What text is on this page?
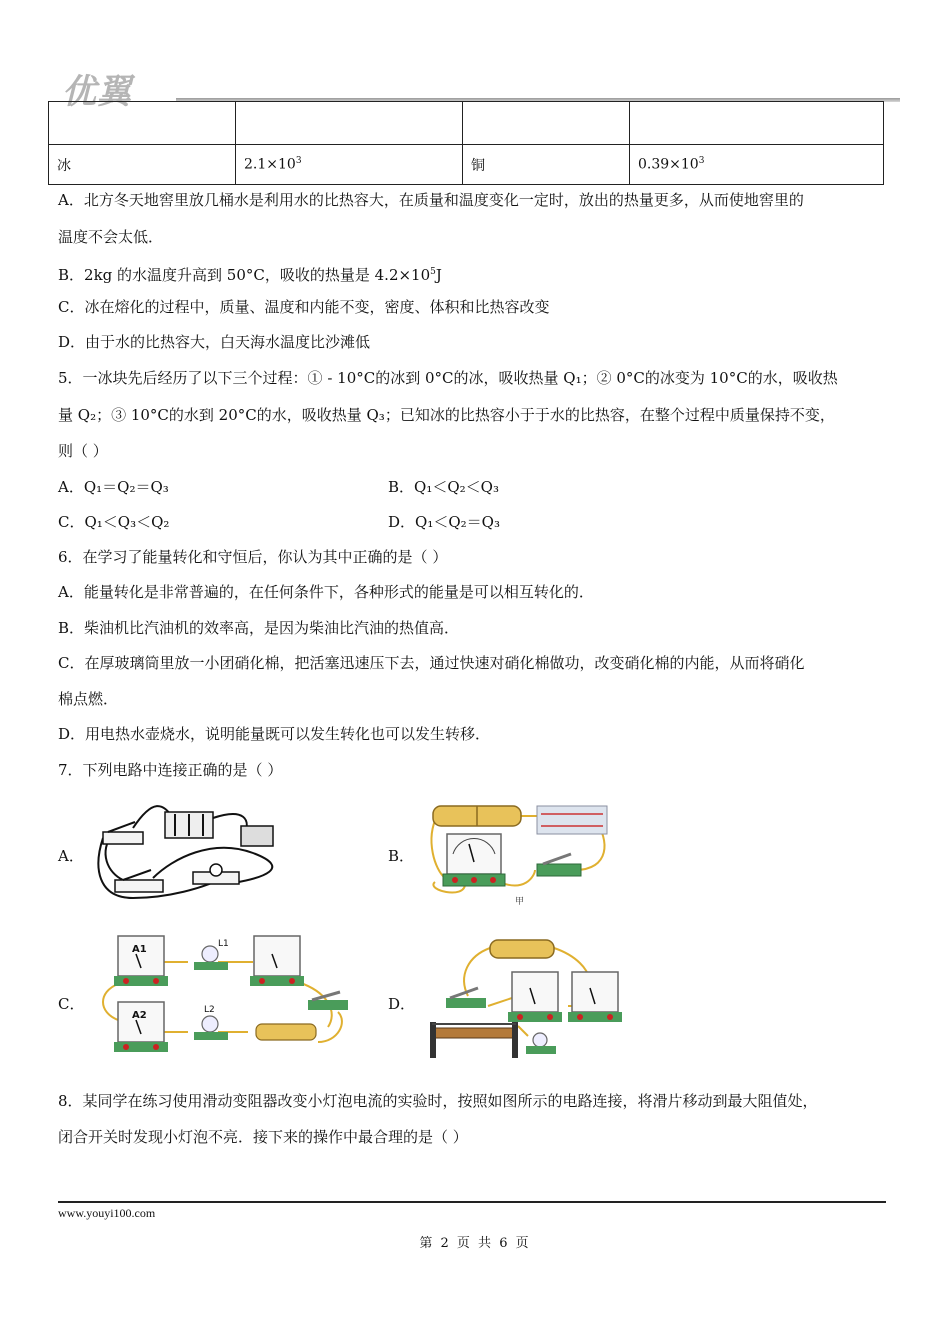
优翼

冰	$2.1\times 10^3$	铜	$0.39\times 10^3$
A．北方冬天地窖里放几桶水是利用水的比热容大，在质量和温度变化一定时，放出的热量更多，从而使地窖里的
温度不会太低．
B．2kg 的水温度升高到 50°C，吸收的热量是 $4.2\times 10^5J$
C．冰在熔化的过程中，质量、温度和内能不变，密度、体积和比热容改变
D．由于水的比热容大，白天海水温度比沙滩低
5．一冰块先后经历了以下三个过程：① - 10°C的冰到 0°C的冰，吸收热量 Q₁；② 0°C的冰变为 10°C的水，吸收热
量 Q₂；③ 10°C的水到 20°C的水，吸收热量 Q₃；已知冰的比热容小于于水的比热容，在整个过程中质量保持不变，
则（ ）
A．Q₁＝Q₂＝Q₃	B．Q₁＜Q₂＜Q₃
C．Q₁＜Q₃＜Q₂	D．Q₁＜Q₂＝Q₃
6．在学习了能量转化和守恒后，你认为其中正确的是（ ）
A．能量转化是非常普遍的，在任何条件下，各种形式的能量是可以相互转化的．
B．柴油机比汽油机的效率高，是因为柴油比汽油的热值高．
C．在厚玻璃筒里放一小团硝化棉，把活塞迅速压下去，通过快速对硝化棉做功，改变硝化棉的内能，从而将硝化
棉点燃．
D．用电热水壶烧水，说明能量既可以发生转化也可以发生转移．
7．下列电路中连接正确的是（ ）
A．	B．
甲
C．
A1
A2
L1
L2	D．
8．某同学在练习使用滑动变阻器改变小灯泡电流的实验时，按照如图所示的电路连接，将滑片移动到最大阻值处，
闭合开关时发现小灯泡不亮．接下来的操作中最合理的是（ ）
www.youyi100.com
第 2 页 共 6 页
